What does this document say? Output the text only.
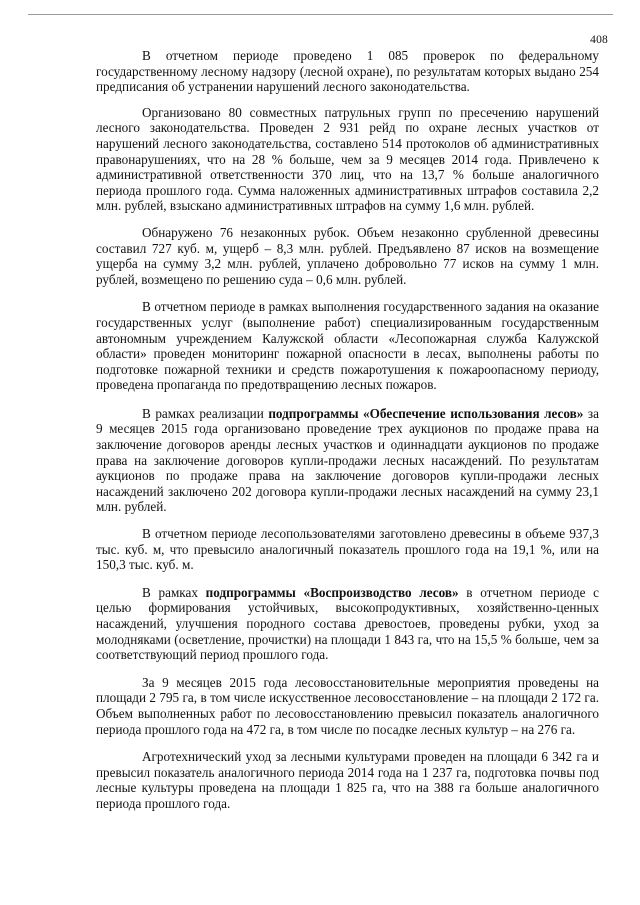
408

В отчетном периоде проведено 1 085 проверок по федеральному государственному лесному надзору (лесной охране), по результатам которых выдано 254 предписания об устранении нарушений лесного законодательства.

Организовано 80 совместных патрульных групп по пресечению нарушений лесного законодательства. Проведен 2 931 рейд по охране лесных участков от нарушений лесного законодательства, составлено 514 протоколов об административных правонарушениях, что на 28 % больше, чем за 9 месяцев 2014 года. Привлечено к административной ответственности 370 лиц, что на 13,7 % больше аналогичного периода прошлого года. Сумма наложенных административных штрафов составила 2,2 млн. рублей, взыскано административных штрафов на сумму 1,6 млн. рублей.

Обнаружено 76 незаконных рубок. Объем незаконно срубленной древесины составил 727 куб. м, ущерб – 8,3 млн. рублей. Предъявлено 87 исков на возмещение ущерба на сумму 3,2 млн. рублей, уплачено добровольно 77 исков на сумму 1 млн. рублей, возмещено по решению суда – 0,6 млн. рублей.

В отчетном периоде в рамках выполнения государственного задания на оказание государственных услуг (выполнение работ) специализированным государственным автономным учреждением Калужской области «Лесопожарная служба Калужской области» проведен мониторинг пожарной опасности в лесах, выполнены работы по подготовке пожарной техники и средств пожаротушения к пожароопасному периоду, проведена пропаганда по предотвращению лесных пожаров.

В рамках реализации подпрограммы «Обеспечение использования лесов» за 9 месяцев 2015 года организовано проведение трех аукционов по продаже права на заключение договоров аренды лесных участков и одиннадцати аукционов по продаже права на заключение договоров купли-продажи лесных насаждений. По результатам аукционов по продаже права на заключение договоров купли-продажи лесных насаждений заключено 202 договора купли-продажи лесных насаждений на сумму 23,1 млн. рублей.

В отчетном периоде лесопользователями заготовлено древесины в объеме 937,3 тыс. куб. м, что превысило аналогичный показатель прошлого года на 19,1 %, или на 150,3 тыс. куб. м.

В рамках подпрограммы «Воспроизводство лесов» в отчетном периоде с целью формирования устойчивых, высокопродуктивных, хозяйственно-ценных насаждений, улучшения породного состава древостоев, проведены рубки, уход за молодняками (осветление, прочистки) на площади 1 843 га, что на 15,5 % больше, чем за соответствующий период прошлого года.

За 9 месяцев 2015 года лесовосстановительные мероприятия проведены на площади 2 795 га, в том числе искусственное лесовосстановление – на площади 2 172 га. Объем выполненных работ по лесовосстановлению превысил показатель аналогичного периода прошлого года на 472 га, в том числе по посадке лесных культур – на 276 га.

Агротехнический уход за лесными культурами проведен на площади 6 342 га и превысил показатель аналогичного периода 2014 года на 1 237 га, подготовка почвы под лесные культуры проведена на площади 1 825 га, что на 388 га больше аналогичного периода прошлого года.
